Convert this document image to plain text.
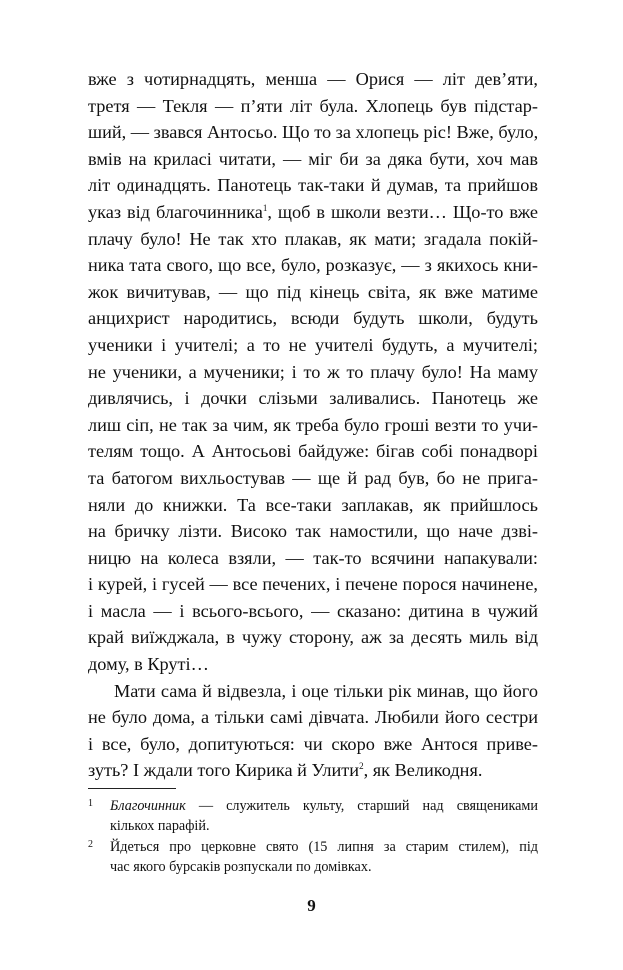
вже з чотирнадцять, менша — Орися — літ дев’яти,
третя — Текля — п’яти літ була. Хлопець був підстар-
ший, — звався Антосьо. Що то за хлопець ріс! Вже, було,
вмів на криласі читати, — міг би за дяка бути, хоч мав
літ одинадцять. Панотець так-таки й думав, та прийшов
указ від благочинника$^1$, щоб в школи везти… Що-то вже
плачу було! Не так хто плакав, як мати; згадала покій-
ника тата свого, що все, було, розказує, — з якихось кни-
жок вичитував, — що під кінець світа, як вже матиме
анцихрист народитись, всюди будуть школи, будуть
ученики і учителі; а то не учителі будуть, а мучителі;
не ученики, а мученики; і то ж то плачу було! На маму
дивлячись, і дочки слізьми заливались. Панотець же
лиш сіп, не так за чим, як треба було гроші везти то учи-
телям тощо. А Антосьові байдуже: бігав собі понадворі
та батогом вихльостував — ще й рад був, бо не пригa-
няли до книжки. Та все-таки заплакав, як прийшлось
на бричку лізти. Високо так намостили, що наче дзві-
ницю на колеса взяли, — так-то всячини напакували:
і курей, і гусей — все печених, і печене порося начинене,
і масла — і всього-всього, — сказано: дитина в чужий
край виїжджала, в чужу сторону, аж за десять миль від
дому, в Круті…
Мати сама й відвезла, і оце тільки рік минав, що його
не було дома, а тільки самі дівчата. Любили його сестри
і все, було, допитуються: чи скоро вже Антося приве-
зуть? І ждали того Кирика й Улити$^2$, як Великодня.
1 Благочинник — служитель культу, старший над священиками
кількох парафій.
2 Йдеться про церковне свято (15 липня за старим стилем), під
час якого бурсаків розпускали по домівках.
9
